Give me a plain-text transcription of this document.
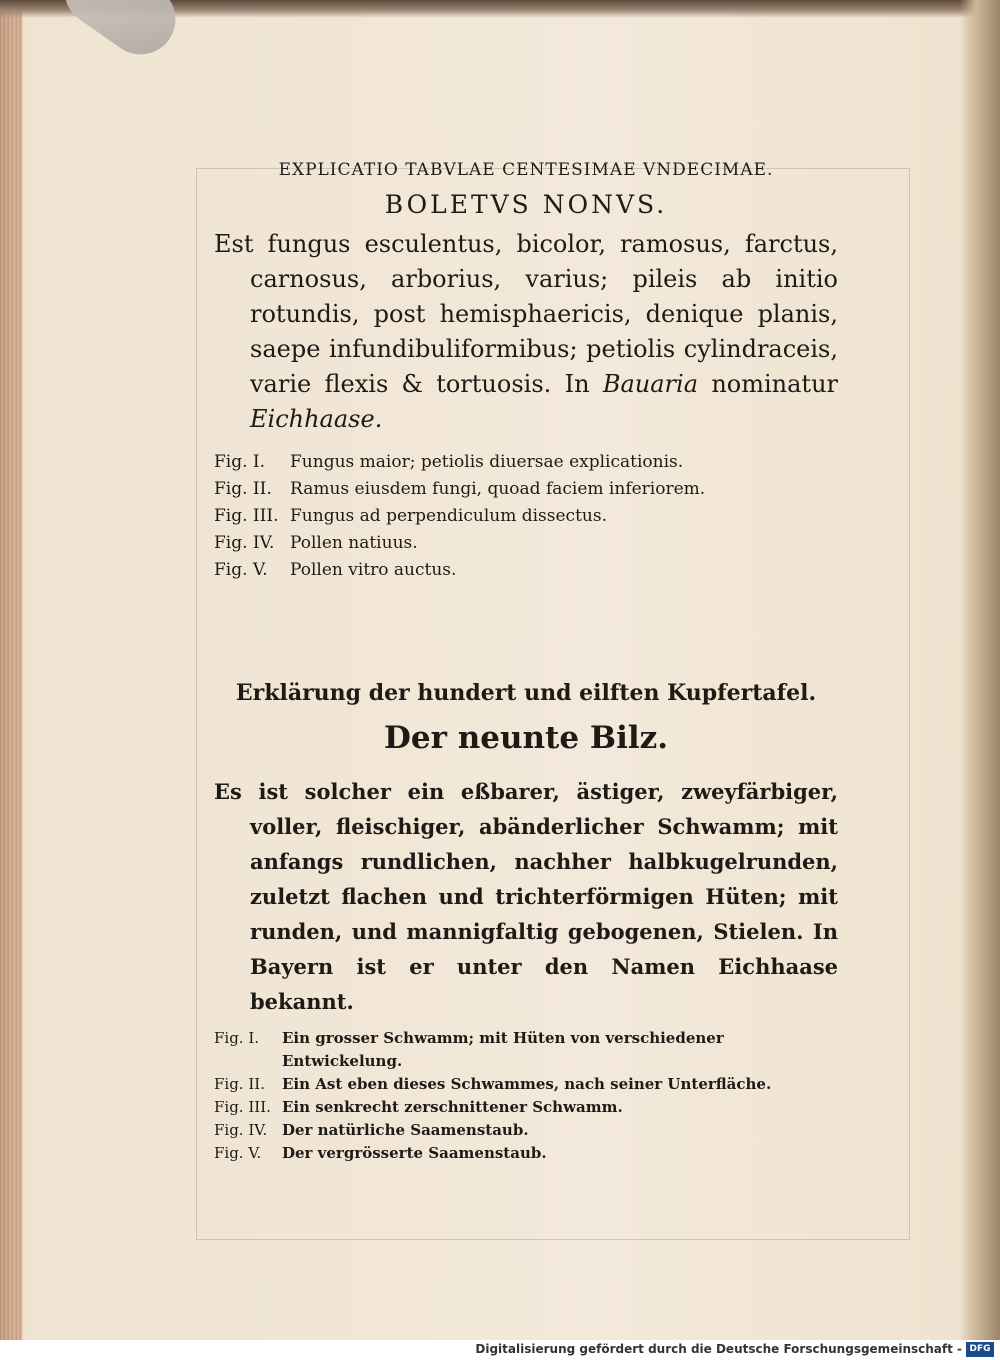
EXPLICATIO TABVLAE CENTESIMAE VNDECIMAE.
BOLETVS NONVS.

Est fungus esculentus, bicolor, ramosus, farctus, carnosus, arborius, varius; pileis ab initio rotundis, post hemisphaericis, denique planis, saepe infundibuliformibus; petiolis cylindraceis, varie flexis & tortuosis. In Bauaria nominatur Eichhaase.

Fig. I.	Fungus maior; petiolis diuersae explicationis.
Fig. II.	Ramus eiusdem fungi, quoad faciem inferiorem.
Fig. III. Fungus ad perpendiculum dissectus.
Fig. IV. Pollen natiuus.
Fig. V.	Pollen vitro auctus.
Erklärung der hundert und eilften Kupfertafel.
Der neunte Bilz.

Es ist solcher ein eßbarer, ästiger, zweyfärbiger, voller, fleischiger, abänderlicher Schwamm; mit anfangs rundlichen, nachher halbkugelrunden, zuletzt flachen und trichterförmigen Hüten; mit runden, und mannigfaltig gebogenen, Stielen. In Bayern ist er unter den Namen Eichhaase bekannt.

Fig. I.	Ein grosser Schwamm; mit Hüten von verschiedener Entwickelung.
Fig. II.	Ein Ast eben dieses Schwammes, nach seiner Unterfläche.
Fig. III. Ein senkrecht zerschnittener Schwamm.
Fig. IV. Der natürliche Saamenstaub.
Fig. V.	Der vergrösserte Saamenstaub.
Digitalisierung gefördert durch die Deutsche Forschungsgemeinschaft - DFG
